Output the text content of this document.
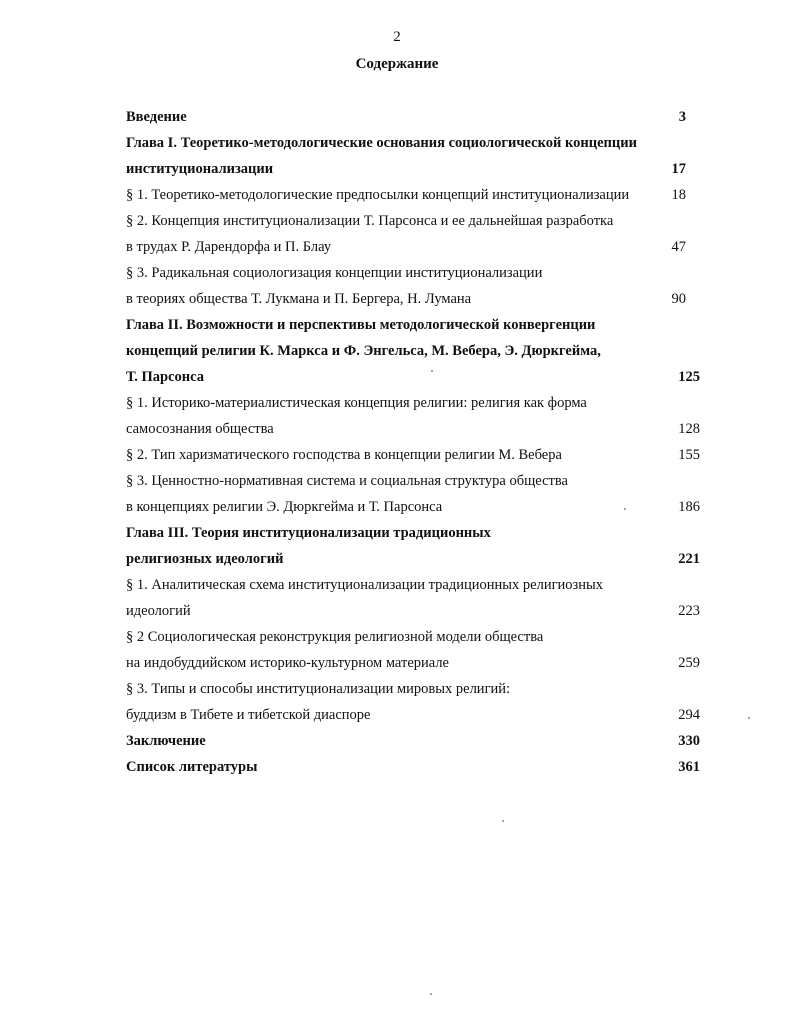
2
Содержание
Введение	3
Глава I. Теоретико-методологические основания социологической концепции
институционализации	17
§ 1. Теоретико-методологические предпосылки концепций институционализации	18
§ 2. Концепция институционализации Т. Парсонса и ее дальнейшая разработка
в трудах Р. Дарендорфа и П. Блау	47
§ 3. Радикальная социологизация концепции институционализации
в теориях общества Т. Лукмана и П. Бергера, Н. Лумана	90
Глава II. Возможности и перспективы методологической конвергенции
концепций религии К. Маркса и Ф. Энгельса, М. Вебера, Э. Дюркгейма,
Т. Парсонса	125
§ 1. Историко-материалистическая концепция религии: религия как форма
самосознания общества	128
§ 2. Тип харизматического господства в концепции религии М. Вебера	155
§ 3. Ценностно-нормативная система и социальная структура общества
в концепциях религии Э. Дюркгейма и Т. Парсонса	186
Глава III. Теория институционализации традиционных
религиозных идеологий	221
§ 1. Аналитическая схема институционализации традиционных религиозных
идеологий	223
§ 2 Социологическая реконструкция религиозной модели общества
на индобуддийском историко-культурном материале	259
§ 3. Типы и способы институционализации мировых религий:
буддизм в Тибете и тибетской диаспоре	294
Заключение	330
Список литературы	361
